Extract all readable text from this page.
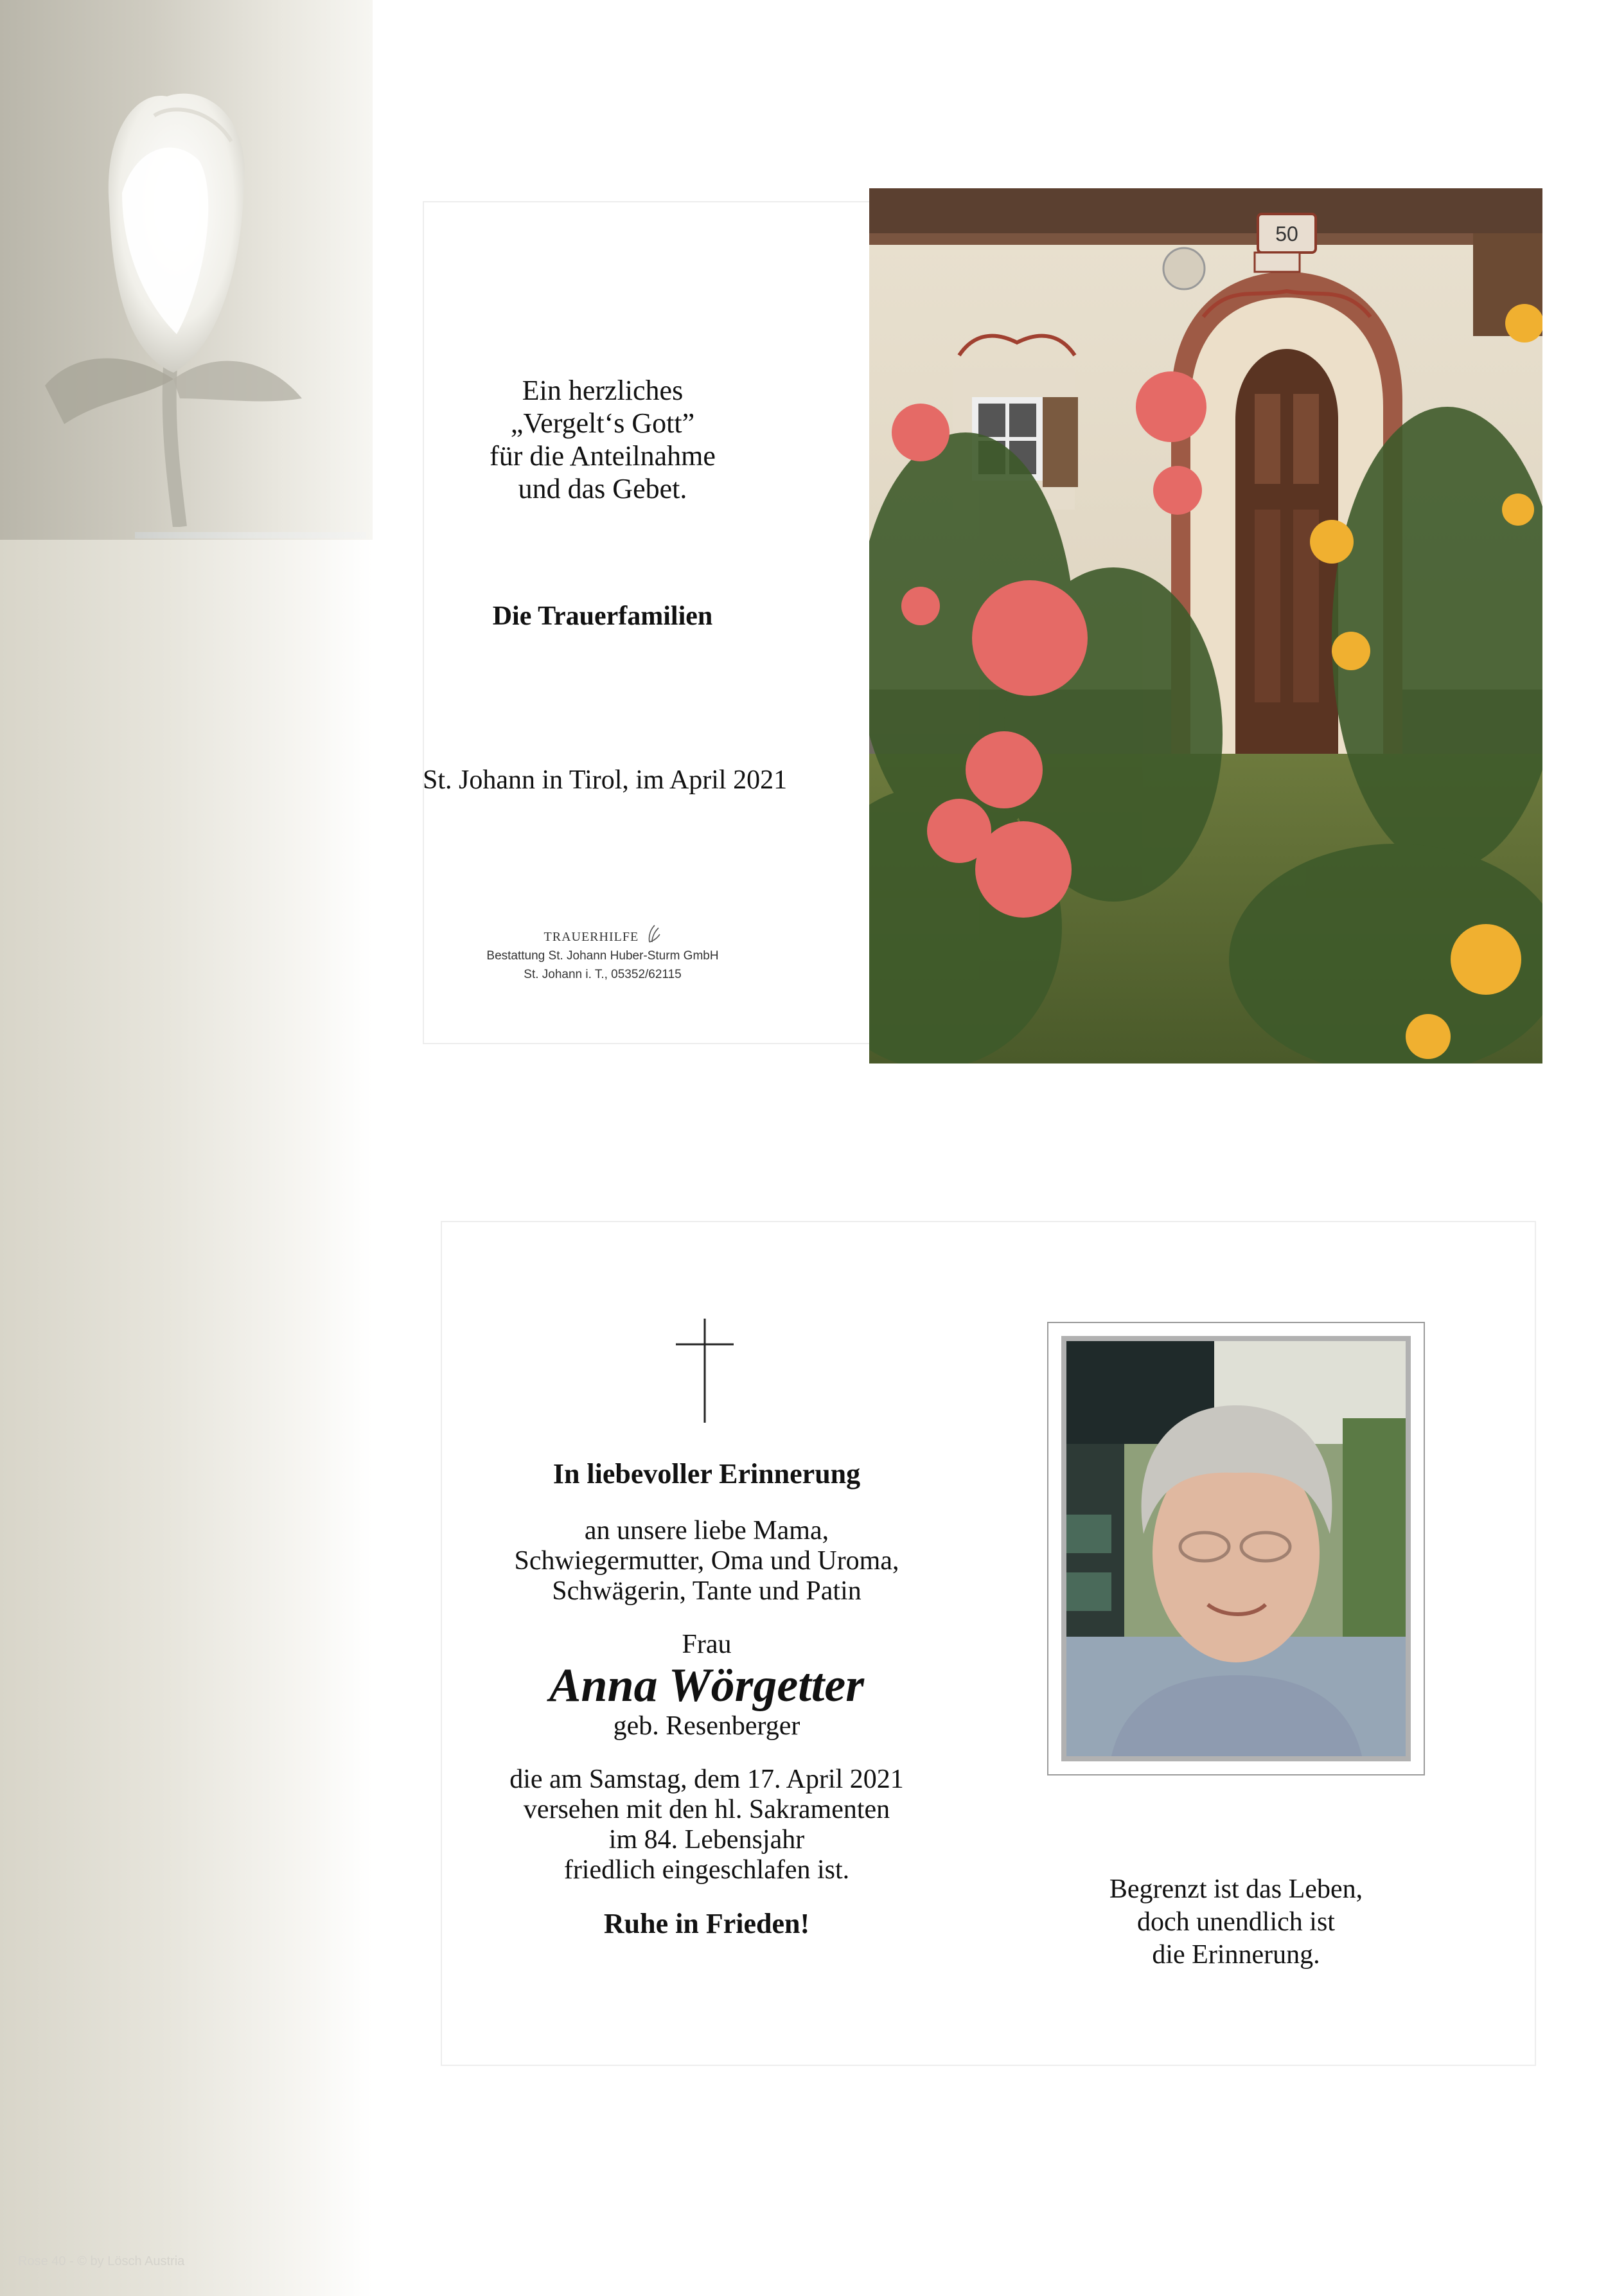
Rose 40 - © by Lösch Austria
Ein herzliches
„Vergelt‘s Gott”
für die Anteilnahme
und das Gebet.
Die Trauerfamilien
St. Johann in Tirol, im April 2021
TRAUERHILFE
Bestattung St. Johann Huber-Sturm GmbH
St. Johann i. T., 05352/62115
50
In liebevoller Erinnerung
an unsere liebe Mama,
Schwiegermutter, Oma und Uroma,
Schwägerin, Tante und Patin
Frau
Anna Wörgetter
geb. Resenberger
die am Samstag, dem 17. April 2021
versehen mit den hl. Sakramenten
im 84. Lebensjahr
friedlich eingeschlafen ist.
Ruhe in Frieden!
Begrenzt ist das Leben,
doch unendlich ist
die Erinnerung.
